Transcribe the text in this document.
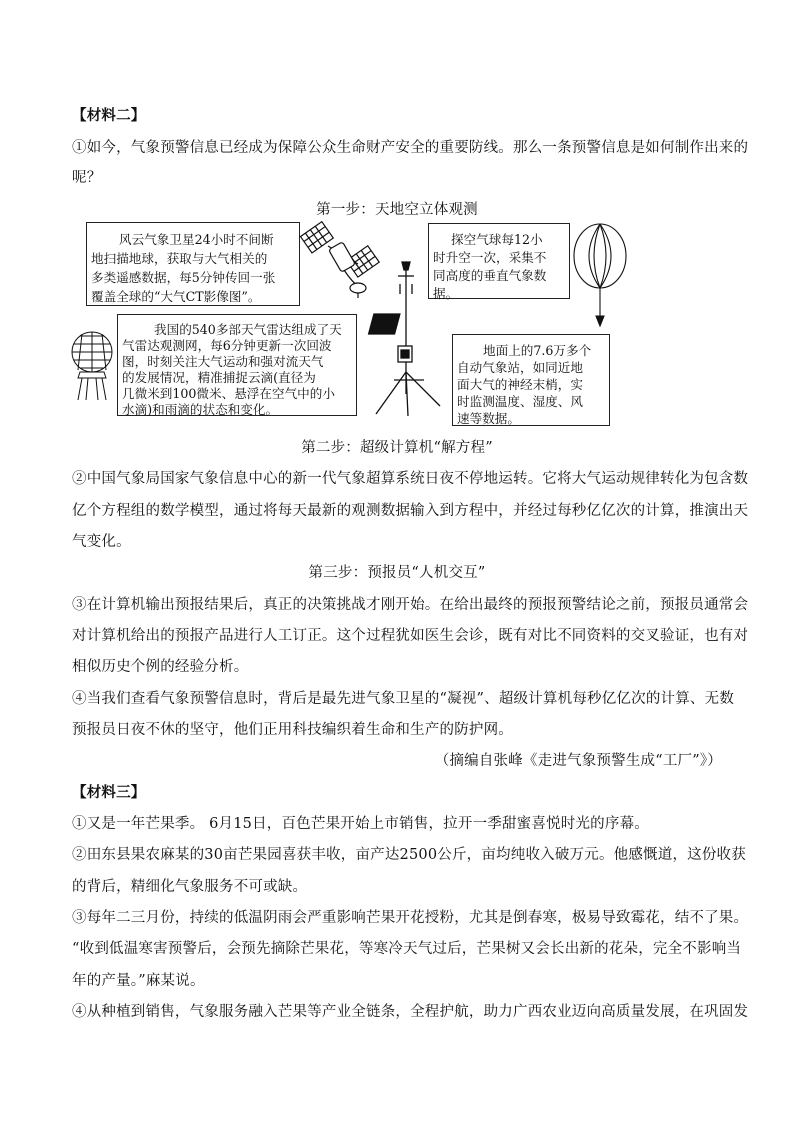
【材料二】
①如今，气象预警信息已经成为保障公众生命财产安全的重要防线。那么一条预警信息是如何制作出来的
呢？
第一步：天地空立体观测
风云气象卫星24小时不间断
地扫描地球，获取与大气相关的
多类遥感数据，每5分钟传回一张
覆盖全球的“大气CT影像图”。
探空气球每12小
时升空一次，采集不
同高度的垂直气象数
据。
我国的540多部天气雷达组成了天
气雷达观测网，每6分钟更新一次回波
图，时刻关注大气运动和强对流天气
的发展情况，精准捕捉云滴(直径为
几微米到100微米、悬浮在空气中的小
水滴)和雨滴的状态和变化。
地面上的7.6万多个
自动气象站，如同近地
面大气的神经末梢，实
时监测温度、湿度、风
速等数据。
第二步：超级计算机“解方程”
②中国气象局国家气象信息中心的新一代气象超算系统日夜不停地运转。它将大气运动规律转化为包含数
亿个方程组的数学模型，通过将每天最新的观测数据输入到方程中，并经过每秒亿亿次的计算，推演出天
气变化。
第三步：预报员“人机交互”
③在计算机输出预报结果后，真正的决策挑战才刚开始。在给出最终的预报预警结论之前，预报员通常会
对计算机给出的预报产品进行人工订正。这个过程犹如医生会诊，既有对比不同资料的交叉验证，也有对
相似历史个例的经验分析。
④当我们查看气象预警信息时，背后是最先进气象卫星的“凝视”、超级计算机每秒亿亿次的计算、无数
预报员日夜不休的坚守，他们正用科技编织着生命和生产的防护网。
（摘编自张峰《走进气象预警生成“工厂”》）
【材料三】
①又是一年芒果季。 6月15日，百色芒果开始上市销售，拉开一季甜蜜喜悦时光的序幕。
②田东县果农麻某的30亩芒果园喜获丰收，亩产达2500公斤，亩均纯收入破万元。他感慨道，这份收获
的背后，精细化气象服务不可或缺。
③每年二三月份，持续的低温阴雨会严重影响芒果开花授粉，尤其是倒春寒，极易导致霉花，结不了果。
“收到低温寒害预警后，会预先摘除芒果花，等寒冷天气过后，芒果树又会长出新的花朵，完全不影响当
年的产量。”麻某说。
④从种植到销售，气象服务融入芒果等产业全链条，全程护航，助力广西农业迈向高质量发展，在巩固发
